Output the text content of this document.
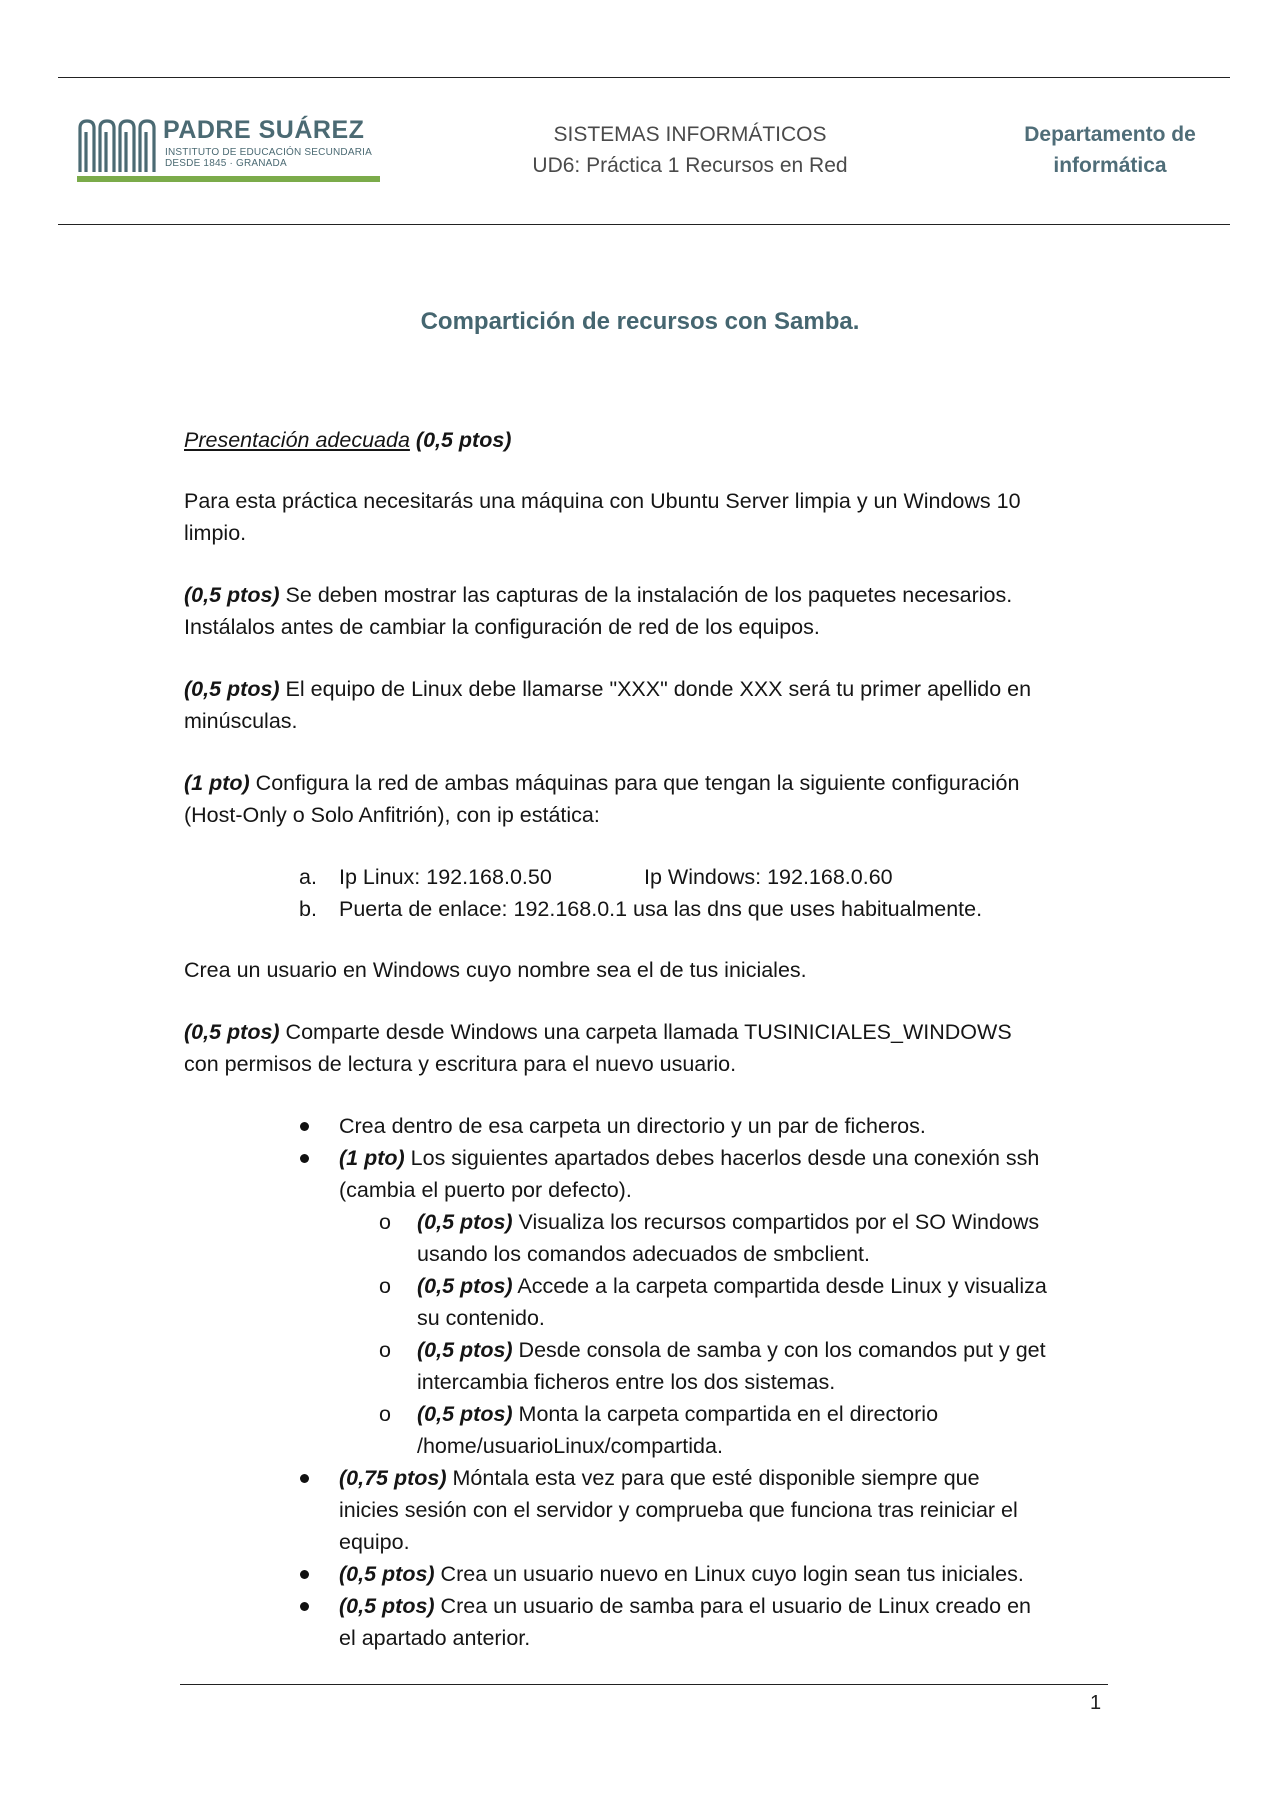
PADRE SUÁREZ
INSTITUTO DE EDUCACIÓN SECUNDARIA
DESDE 1845 · GRANADA
SISTEMAS INFORMÁTICOS
UD6: Práctica 1 Recursos en Red
Departamento de
informática
Compartición de recursos con Samba.
Presentación adecuada (0,5 ptos)
Para esta práctica necesitarás una máquina con Ubuntu Server limpia y un Windows 10
limpio.
(0,5 ptos) Se deben mostrar las capturas de la instalación de los paquetes necesarios.
Instálalos antes de cambiar la configuración de red de los equipos.
(0,5 ptos) El equipo de Linux debe llamarse "XXX" donde XXX será tu primer apellido en
minúsculas.
(1 pto) Configura la red de ambas máquinas para que tengan la siguiente configuración
(Host-Only o Solo Anfitrión), con ip estática:
a. Ip Linux: 192.168.0.50	Ip Windows: 192.168.0.60
b. Puerta de enlace: 192.168.0.1 usa las dns que uses habitualmente.
Crea un usuario en Windows cuyo nombre sea el de tus iniciales.
(0,5 ptos) Comparte desde Windows una carpeta llamada TUSINICIALES_WINDOWS
con permisos de lectura y escritura para el nuevo usuario.
Crea dentro de esa carpeta un directorio y un par de ficheros.
(1 pto) Los siguientes apartados debes hacerlos desde una conexión ssh
(cambia el puerto por defecto).
o (0,5 ptos) Visualiza los recursos compartidos por el SO Windows
usando los comandos adecuados de smbclient.
o (0,5 ptos) Accede a la carpeta compartida desde Linux y visualiza
su contenido.
o (0,5 ptos) Desde consola de samba y con los comandos put y get
intercambia ficheros entre los dos sistemas.
o (0,5 ptos) Monta la carpeta compartida en el directorio
/home/usuarioLinux/compartida.
(0,75 ptos) Móntala esta vez para que esté disponible siempre que
inicies sesión con el servidor y comprueba que funciona tras reiniciar el
equipo.
(0,5 ptos) Crea un usuario nuevo en Linux cuyo login sean tus iniciales.
(0,5 ptos) Crea un usuario de samba para el usuario de Linux creado en
el apartado anterior.
1
